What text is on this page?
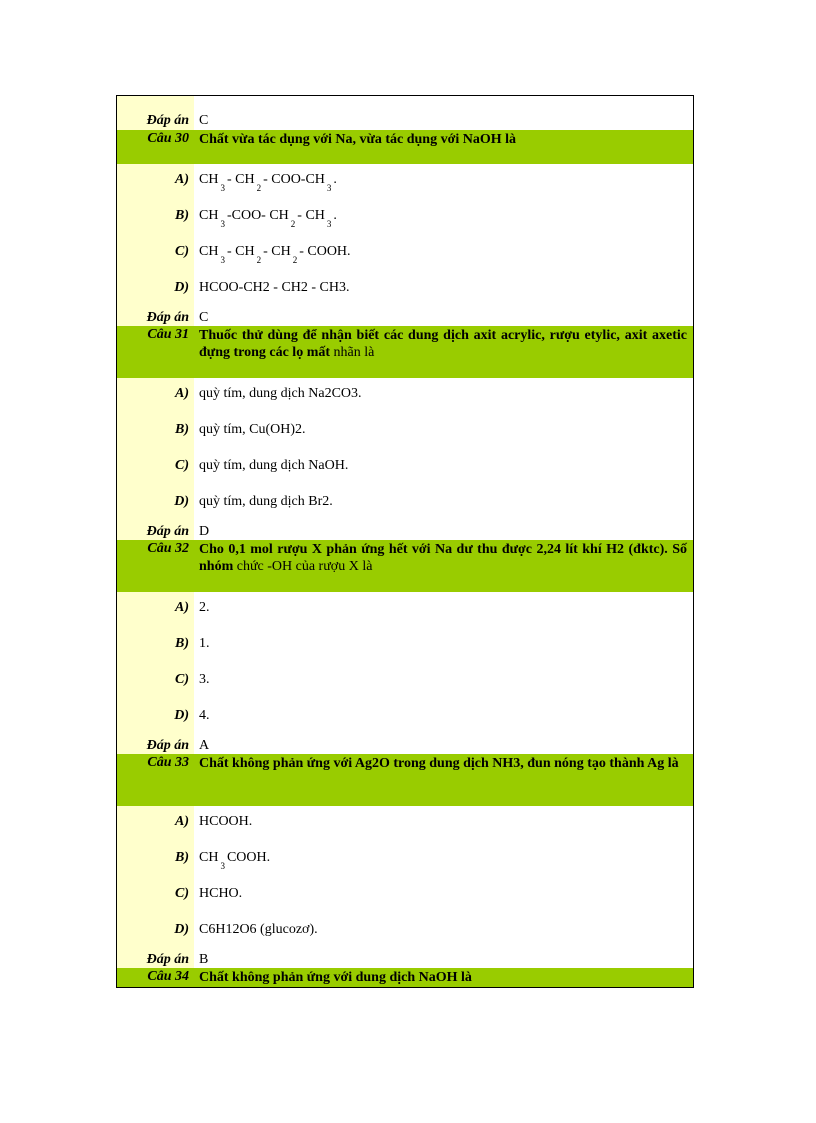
Đáp án C
Câu 30 Chất vừa tác dụng với Na, vừa tác dụng với NaOH là
A) $CH_3-$ $CH_2-$ COO-$CH_3$.
B) $CH_3-COO-$ $CH_2-$ $CH_3$.
C) $CH_3-$ $CH_2-$ $CH_2-$ COOH.
D) HCOO-CH2 - CH2 - CH3.
Đáp án C
Câu 31 Thuốc thử dùng để nhận biết các dung dịch axit acrylic, rượu etylic, axit axetic đựng trong các lọ mất nhãn là
A) quỳ tím, dung dịch Na2CO3.
B) quỳ tím, Cu(OH)2.
C) quỳ tím, dung dịch NaOH.
D) quỳ tím, dung dịch Br2.
Đáp án D
Câu 32 Cho 0,1 mol rượu X phản ứng hết với Na dư thu được 2,24 lít khí H2 (đktc). Số nhóm chức -OH của rượu X là
A) 2.
B) 1.
C) 3.
D) 4.
Đáp án A
Câu 33 Chất không phản ứng với Ag2O trong dung dịch NH3, đun nóng tạo thành Ag là
A) HCOOH.
B) $CH_3COOH$.
C) HCHO.
D) C6H12O6 (glucozơ).
Đáp án B
Câu 34 Chất không phản ứng với dung dịch NaOH là
